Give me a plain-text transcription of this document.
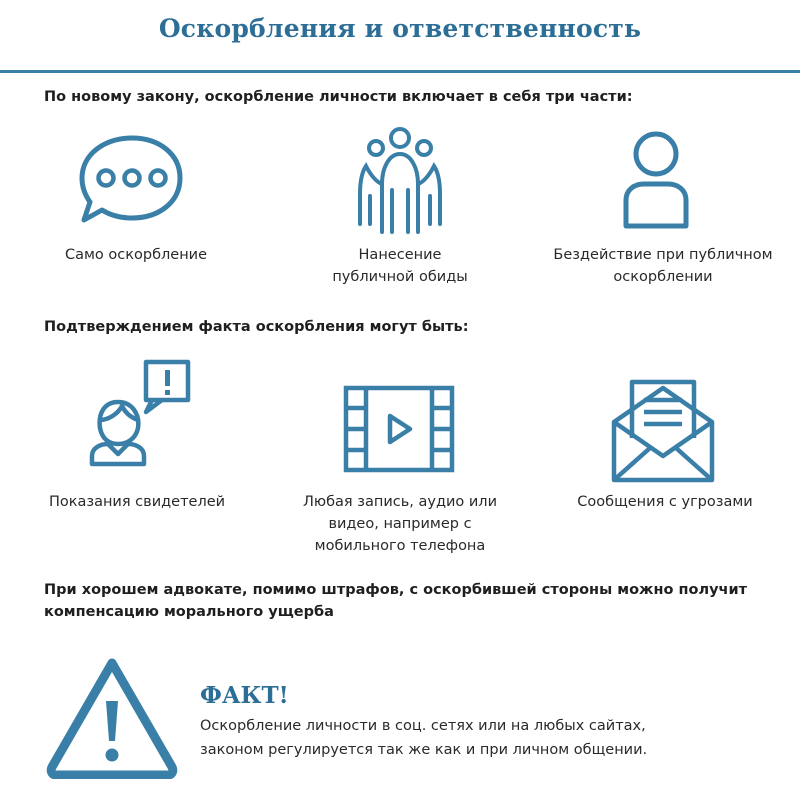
Оскорбления и ответственность
По новому закону, оскорбление личности включает в себя три части:
Само оскорбление	Нанесение
публичной обиды
Бездействие при публичном
оскорблении
Подтверждением факта оскорбления могут быть:
Показания свидетелей	Любая запись, аудио или
видео, например с
мобильного телефона
Сообщения с угрозами
При хорошем адвокате, помимо штрафов, с оскорбившей стороны можно получит
компенсацию морального ущерба
ФАКТ!
Оскорбление личности в соц. сетях или на любых сайтах,
законом регулируется так же как и при личном общении.
